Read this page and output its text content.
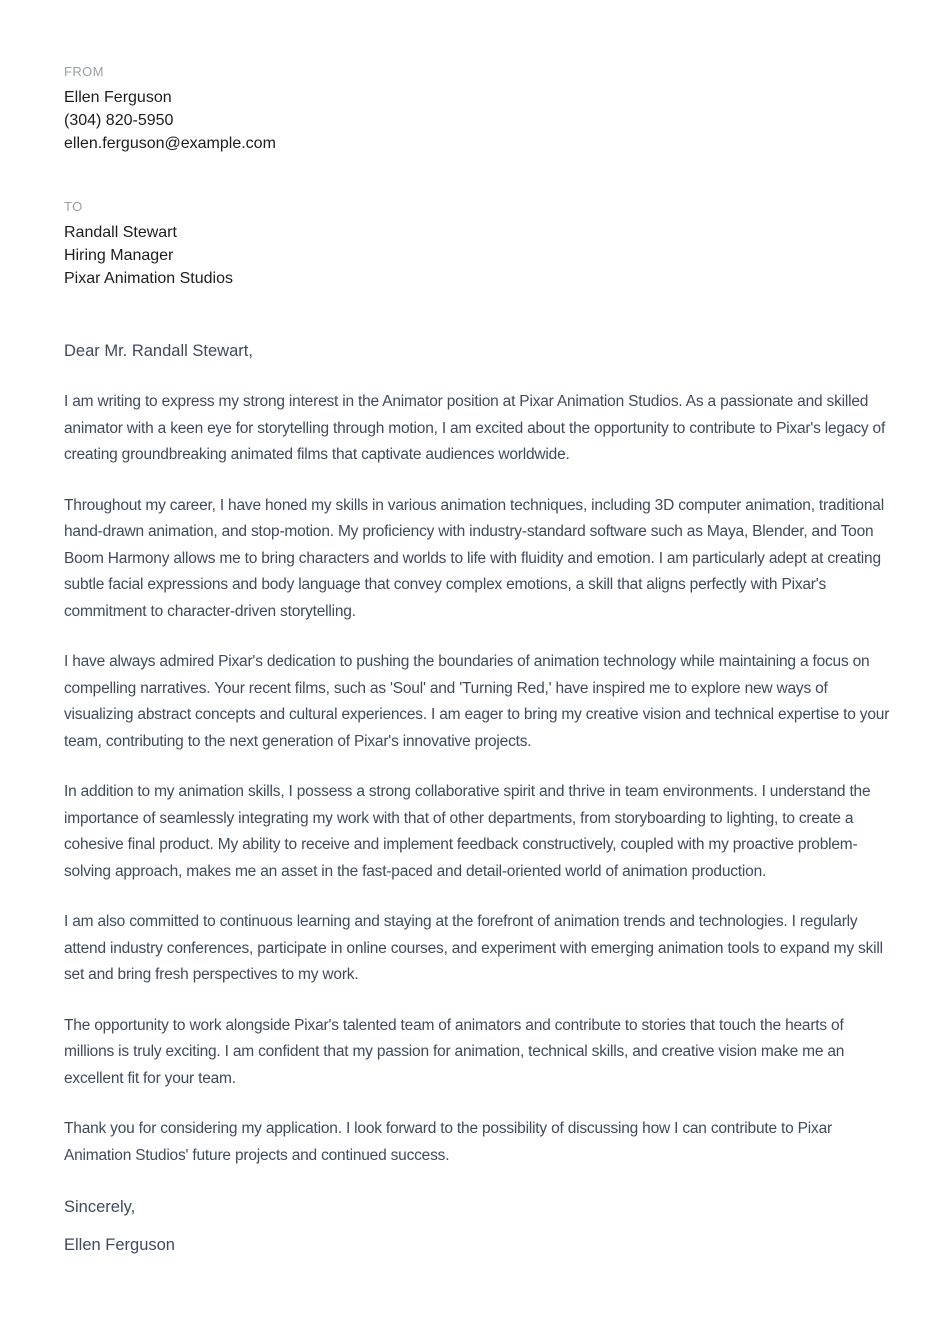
FROM
Ellen Ferguson
(304) 820-5950
ellen.ferguson@example.com
TO
Randall Stewart
Hiring Manager
Pixar Animation Studios
Dear Mr. Randall Stewart,

I am writing to express my strong interest in the Animator position at Pixar Animation Studios. As a passionate and skilled animator with a keen eye for storytelling through motion, I am excited about the opportunity to contribute to Pixar's legacy of creating groundbreaking animated films that captivate audiences worldwide.

Throughout my career, I have honed my skills in various animation techniques, including 3D computer animation, traditional hand-drawn animation, and stop-motion. My proficiency with industry-standard software such as Maya, Blender, and Toon Boom Harmony allows me to bring characters and worlds to life with fluidity and emotion. I am particularly adept at creating subtle facial expressions and body language that convey complex emotions, a skill that aligns perfectly with Pixar's commitment to character-driven storytelling.

I have always admired Pixar's dedication to pushing the boundaries of animation technology while maintaining a focus on compelling narratives. Your recent films, such as 'Soul' and 'Turning Red,' have inspired me to explore new ways of visualizing abstract concepts and cultural experiences. I am eager to bring my creative vision and technical expertise to your team, contributing to the next generation of Pixar's innovative projects.

In addition to my animation skills, I possess a strong collaborative spirit and thrive in team environments. I understand the importance of seamlessly integrating my work with that of other departments, from storyboarding to lighting, to create a cohesive final product. My ability to receive and implement feedback constructively, coupled with my proactive problem-solving approach, makes me an asset in the fast-paced and detail-oriented world of animation production.

I am also committed to continuous learning and staying at the forefront of animation trends and technologies. I regularly attend industry conferences, participate in online courses, and experiment with emerging animation tools to expand my skill set and bring fresh perspectives to my work.

The opportunity to work alongside Pixar's talented team of animators and contribute to stories that touch the hearts of millions is truly exciting. I am confident that my passion for animation, technical skills, and creative vision make me an excellent fit for your team.

Thank you for considering my application. I look forward to the possibility of discussing how I can contribute to Pixar Animation Studios' future projects and continued success.

Sincerely,
Ellen Ferguson
